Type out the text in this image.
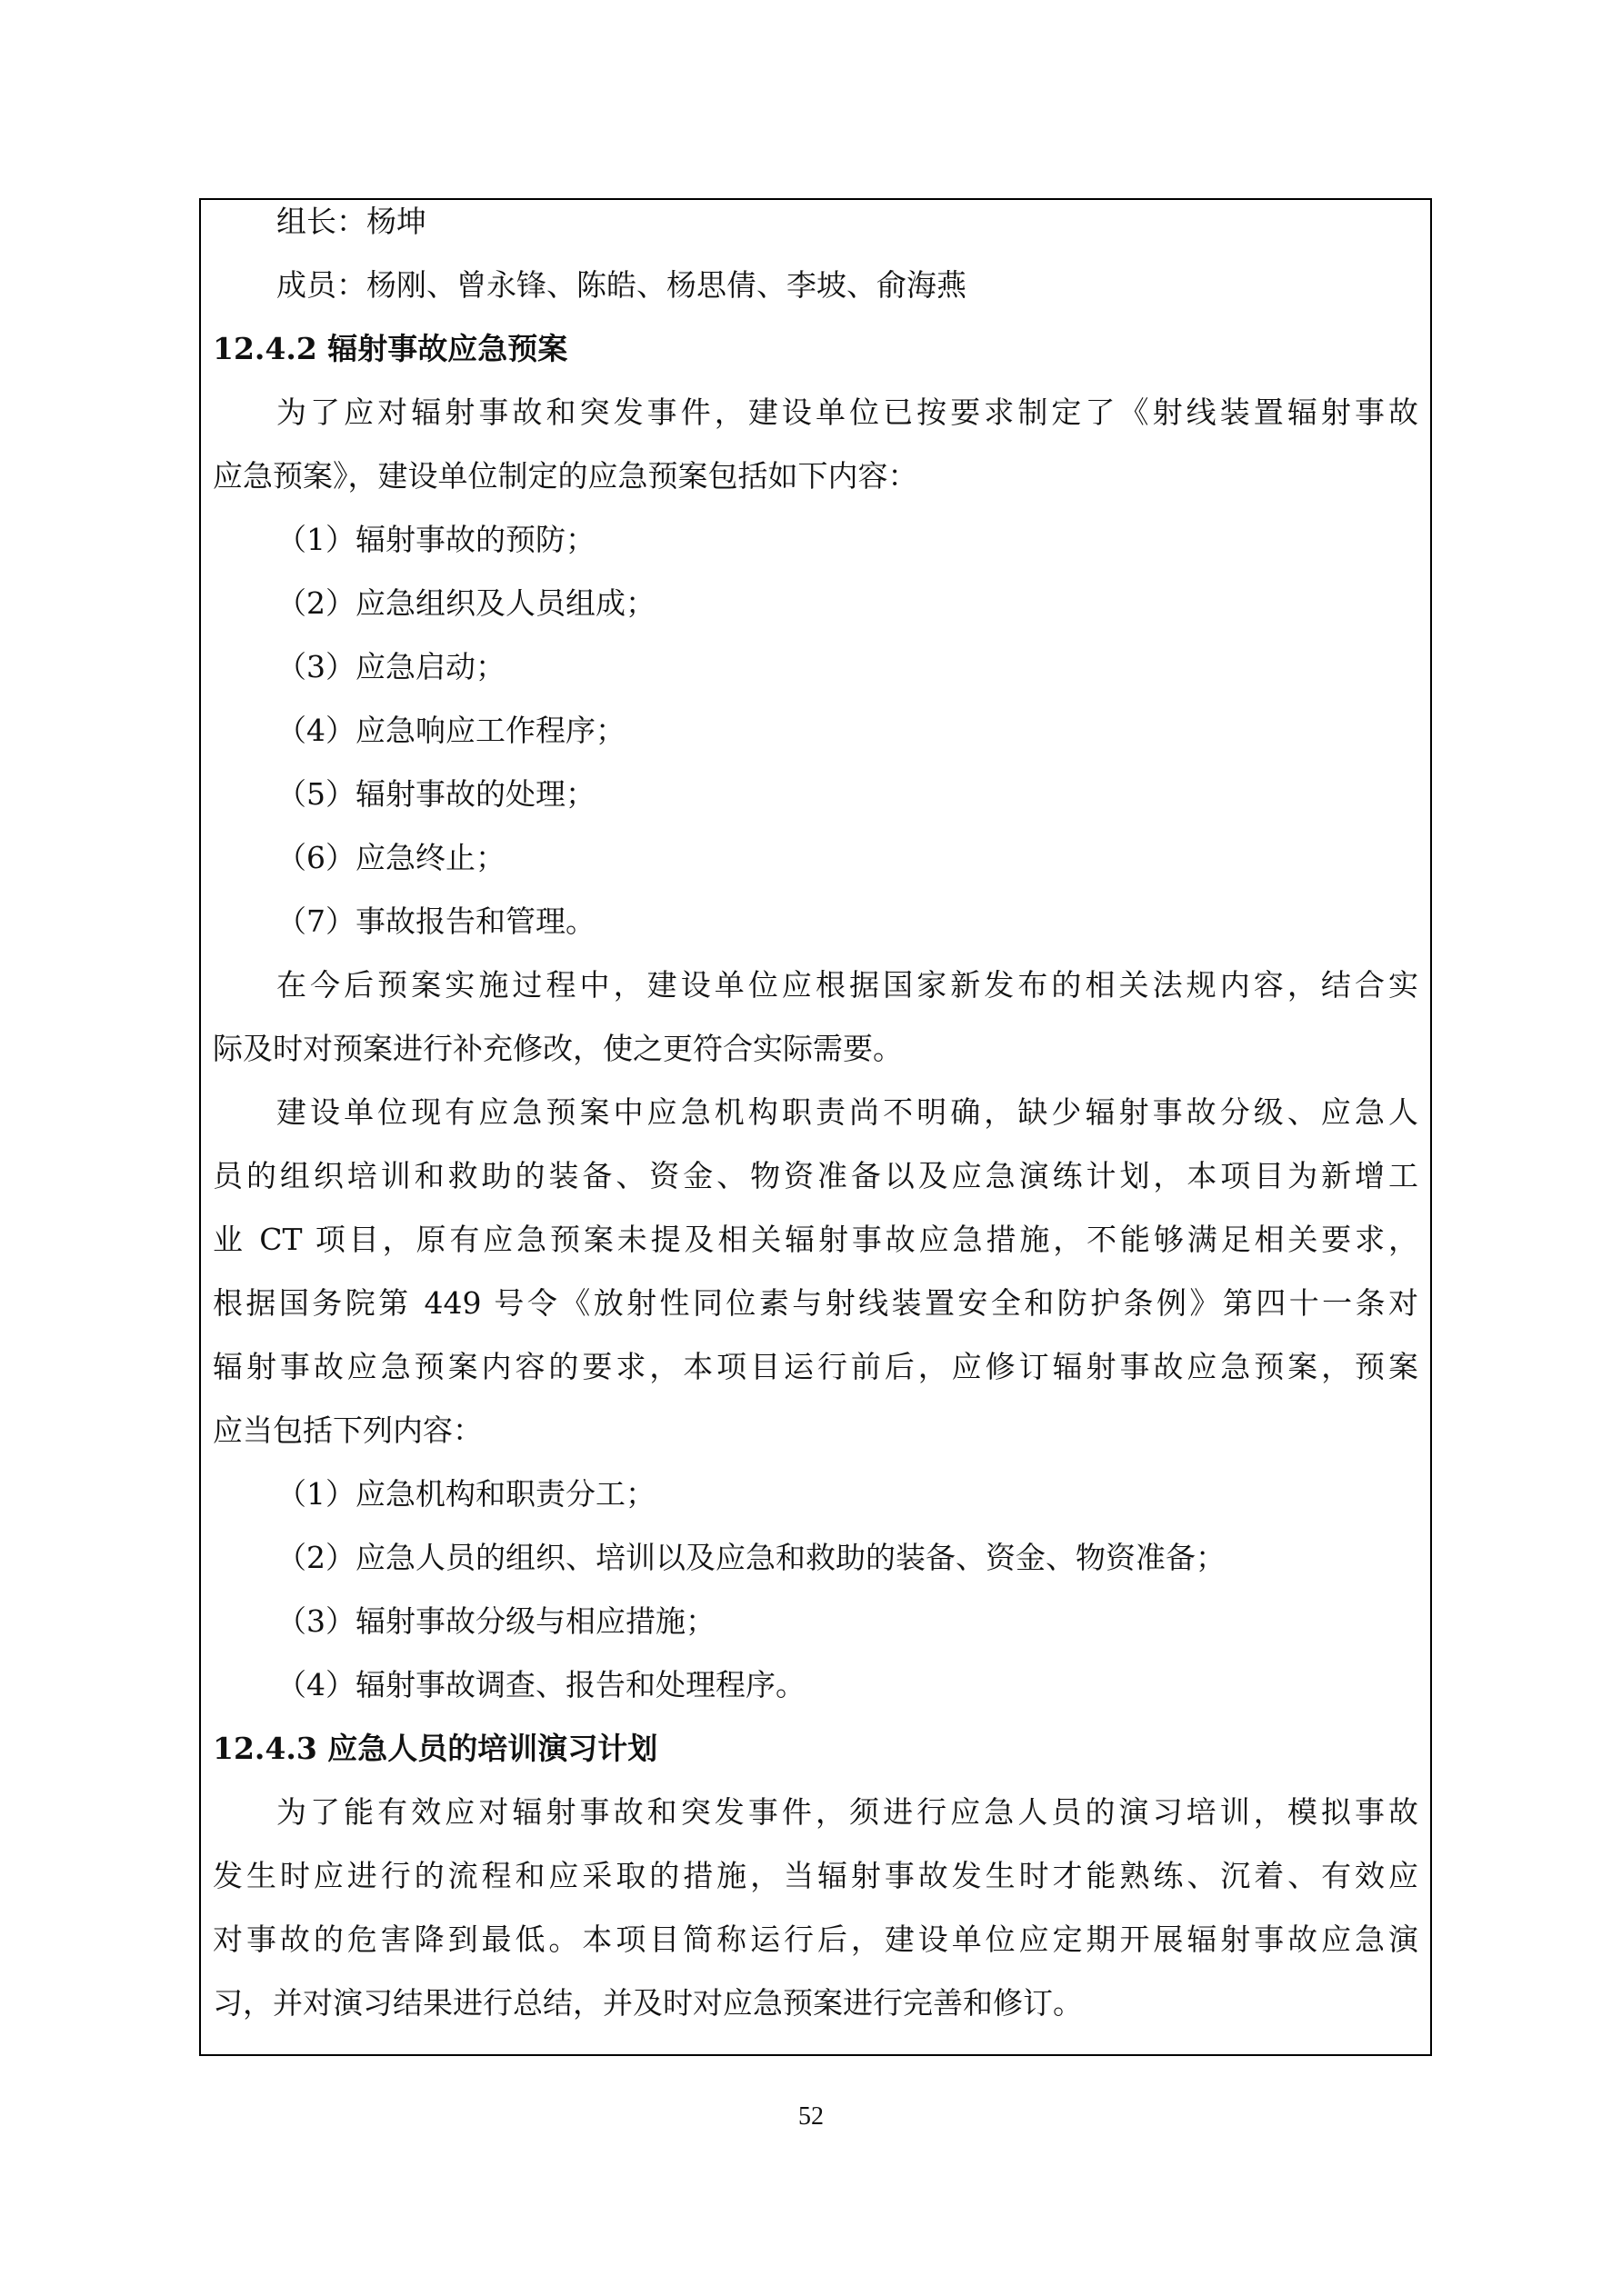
组长：杨坤
成员：杨刚、曾永锋、陈皓、杨思倩、李坡、俞海燕
12.4.2 辐射事故应急预案
为了应对辐射事故和突发事件，建设单位已按要求制定了《射线装置辐射事故
应急预案》，建设单位制定的应急预案包括如下内容：
（1）辐射事故的预防；
（2）应急组织及人员组成；
（3）应急启动；
（4）应急响应工作程序；
（5）辐射事故的处理；
（6）应急终止；
（7）事故报告和管理。
在今后预案实施过程中，建设单位应根据国家新发布的相关法规内容，结合实
际及时对预案进行补充修改，使之更符合实际需要。
建设单位现有应急预案中应急机构职责尚不明确，缺少辐射事故分级、应急人
员的组织培训和救助的装备、资金、物资准备以及应急演练计划，本项目为新增工
业 CT 项目，原有应急预案未提及相关辐射事故应急措施，不能够满足相关要求，
根据国务院第 449 号令《放射性同位素与射线装置安全和防护条例》第四十一条对
辐射事故应急预案内容的要求，本项目运行前后，应修订辐射事故应急预案，预案
应当包括下列内容：
（1）应急机构和职责分工；
（2）应急人员的组织、培训以及应急和救助的装备、资金、物资准备；
（3）辐射事故分级与相应措施；
（4）辐射事故调查、报告和处理程序。
12.4.3 应急人员的培训演习计划
为了能有效应对辐射事故和突发事件，须进行应急人员的演习培训，模拟事故
发生时应进行的流程和应采取的措施，当辐射事故发生时才能熟练、沉着、有效应
对事故的危害降到最低。本项目简称运行后，建设单位应定期开展辐射事故应急演
习，并对演习结果进行总结，并及时对应急预案进行完善和修订。
52
